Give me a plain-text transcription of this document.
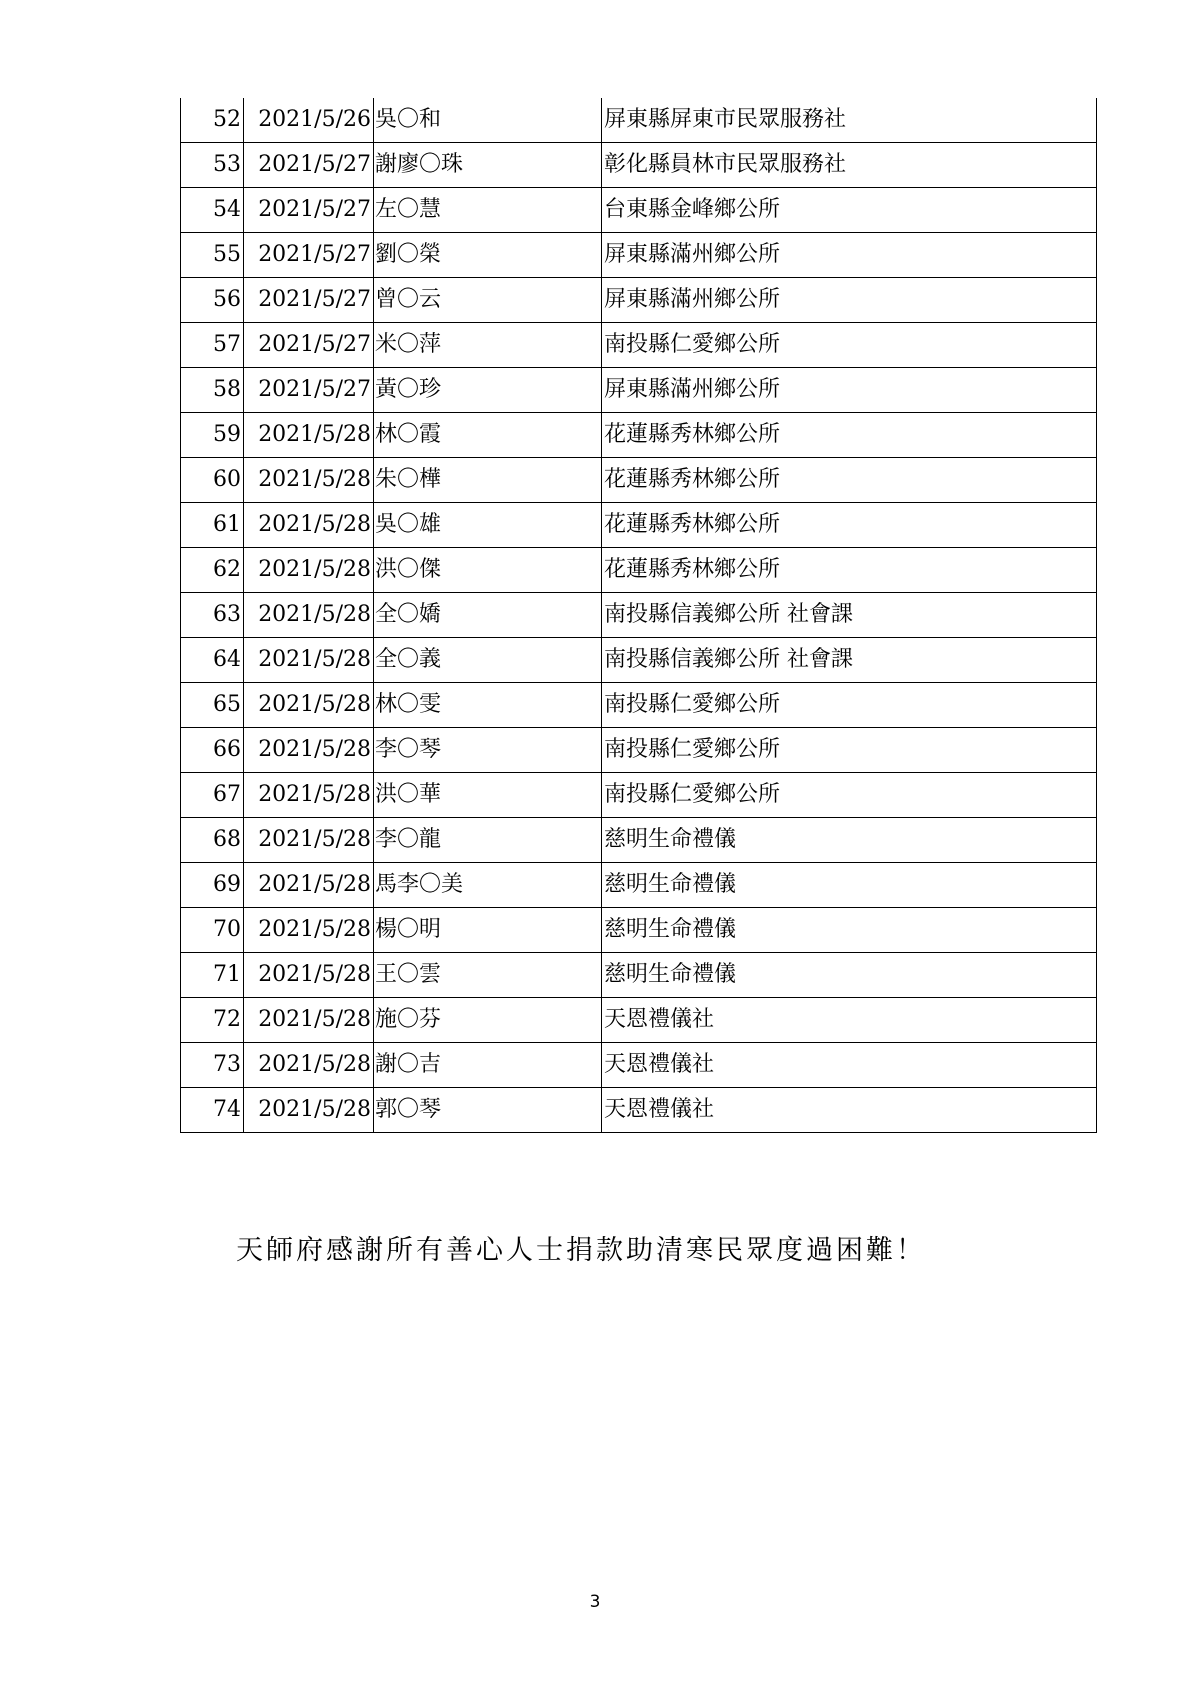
52	2021/5/26	吳〇和	屏東縣屏東市民眾服務社
53	2021/5/27	謝廖〇珠	彰化縣員林市民眾服務社
54	2021/5/27	左〇慧	台東縣金峰鄉公所
55	2021/5/27	劉〇榮	屏東縣滿州鄉公所
56	2021/5/27	曾〇云	屏東縣滿州鄉公所
57	2021/5/27	米〇萍	南投縣仁愛鄉公所
58	2021/5/27	黃〇珍	屏東縣滿州鄉公所
59	2021/5/28	林〇霞	花蓮縣秀林鄉公所
60	2021/5/28	朱〇樺	花蓮縣秀林鄉公所
61	2021/5/28	吳〇雄	花蓮縣秀林鄉公所
62	2021/5/28	洪〇傑	花蓮縣秀林鄉公所
63	2021/5/28	全〇嬌	南投縣信義鄉公所 社會課
64	2021/5/28	全〇義	南投縣信義鄉公所 社會課
65	2021/5/28	林〇雯	南投縣仁愛鄉公所
66	2021/5/28	李〇琴	南投縣仁愛鄉公所
67	2021/5/28	洪〇華	南投縣仁愛鄉公所
68	2021/5/28	李〇龍	慈明生命禮儀
69	2021/5/28	馬李〇美	慈明生命禮儀
70	2021/5/28	楊〇明	慈明生命禮儀
71	2021/5/28	王〇雲	慈明生命禮儀
72	2021/5/28	施〇芬	天恩禮儀社
73	2021/5/28	謝〇吉	天恩禮儀社
74	2021/5/28	郭〇琴	天恩禮儀社
天師府感謝所有善心人士捐款助清寒民眾度過困難！
3
